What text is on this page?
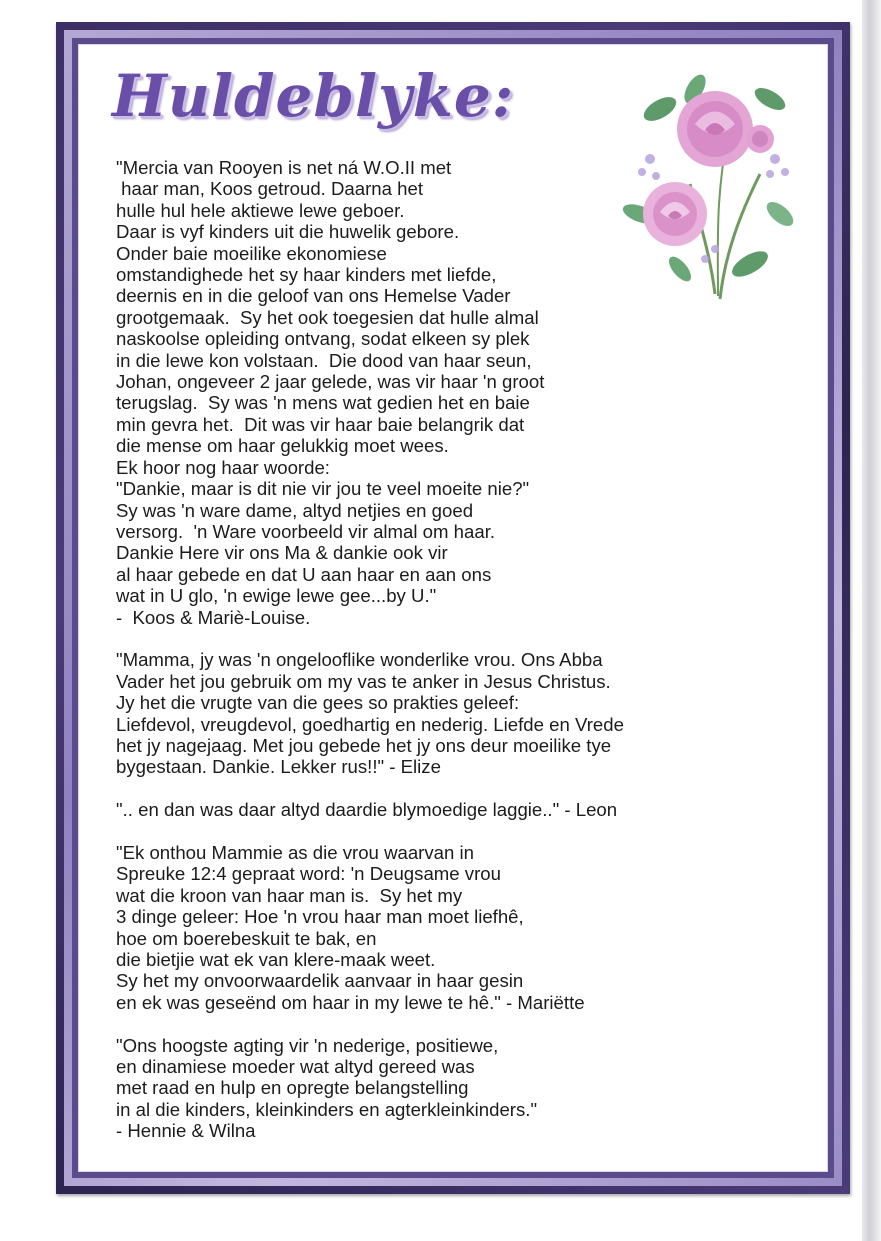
Huldeblyke:
"Mercia van Rooyen is net ná W.O.II met
haar man, Koos getroud. Daarna het
hulle hul hele aktiewe lewe geboer.
Daar is vyf kinders uit die huwelik gebore.
Onder baie moeilike ekonomiese
omstandighede het sy haar kinders met liefde,
deernis en in die geloof van ons Hemelse Vader
grootgemaak.  Sy het ook toegesien dat hulle almal
naskoolse opleiding ontvang, sodat elkeen sy plek
in die lewe kon volstaan.  Die dood van haar seun,
Johan, ongeveer 2 jaar gelede, was vir haar 'n groot
terugslag.  Sy was 'n mens wat gedien het en baie
min gevra het.  Dit was vir haar baie belangrik dat
die mense om haar gelukkig moet wees.
Ek hoor nog haar woorde:
"Dankie, maar is dit nie vir jou te veel moeite nie?"
Sy was 'n ware dame, altyd netjies en goed
versorg.  'n Ware voorbeeld vir almal om haar.
Dankie Here vir ons Ma & dankie ook vir
al haar gebede en dat U aan haar en aan ons
wat in U glo, 'n ewige lewe gee...by U."
-  Koos & Mariè-Louise.
"Mamma, jy was 'n ongelooflike wonderlike vrou. Ons Abba
Vader het jou gebruik om my vas te anker in Jesus Christus.
Jy het die vrugte van die gees so prakties geleef:
Liefdevol, vreugdevol, goedhartig en nederig. Liefde en Vrede
het jy nagejaag. Met jou gebede het jy ons deur moeilike tye
bygestaan. Dankie. Lekker rus!!" - Elize
".. en dan was daar altyd daardie blymoedige laggie.." - Leon
"Ek onthou Mammie as die vrou waarvan in
Spreuke 12:4 gepraat word: 'n Deugsame vrou
wat die kroon van haar man is.  Sy het my
3 dinge geleer: Hoe 'n vrou haar man moet liefhê,
hoe om boerebeskuit te bak, en
die bietjie wat ek van klere-maak weet.
Sy het my onvoorwaardelik aanvaar in haar gesin
en ek was geseënd om haar in my lewe te hê." - Mariëtte
"Ons hoogste agting vir 'n nederige, positiewe,
en dinamiese moeder wat altyd gereed was
met raad en hulp en opregte belangstelling
in al die kinders, kleinkinders en agterkleinkinders."
- Hennie & Wilna
